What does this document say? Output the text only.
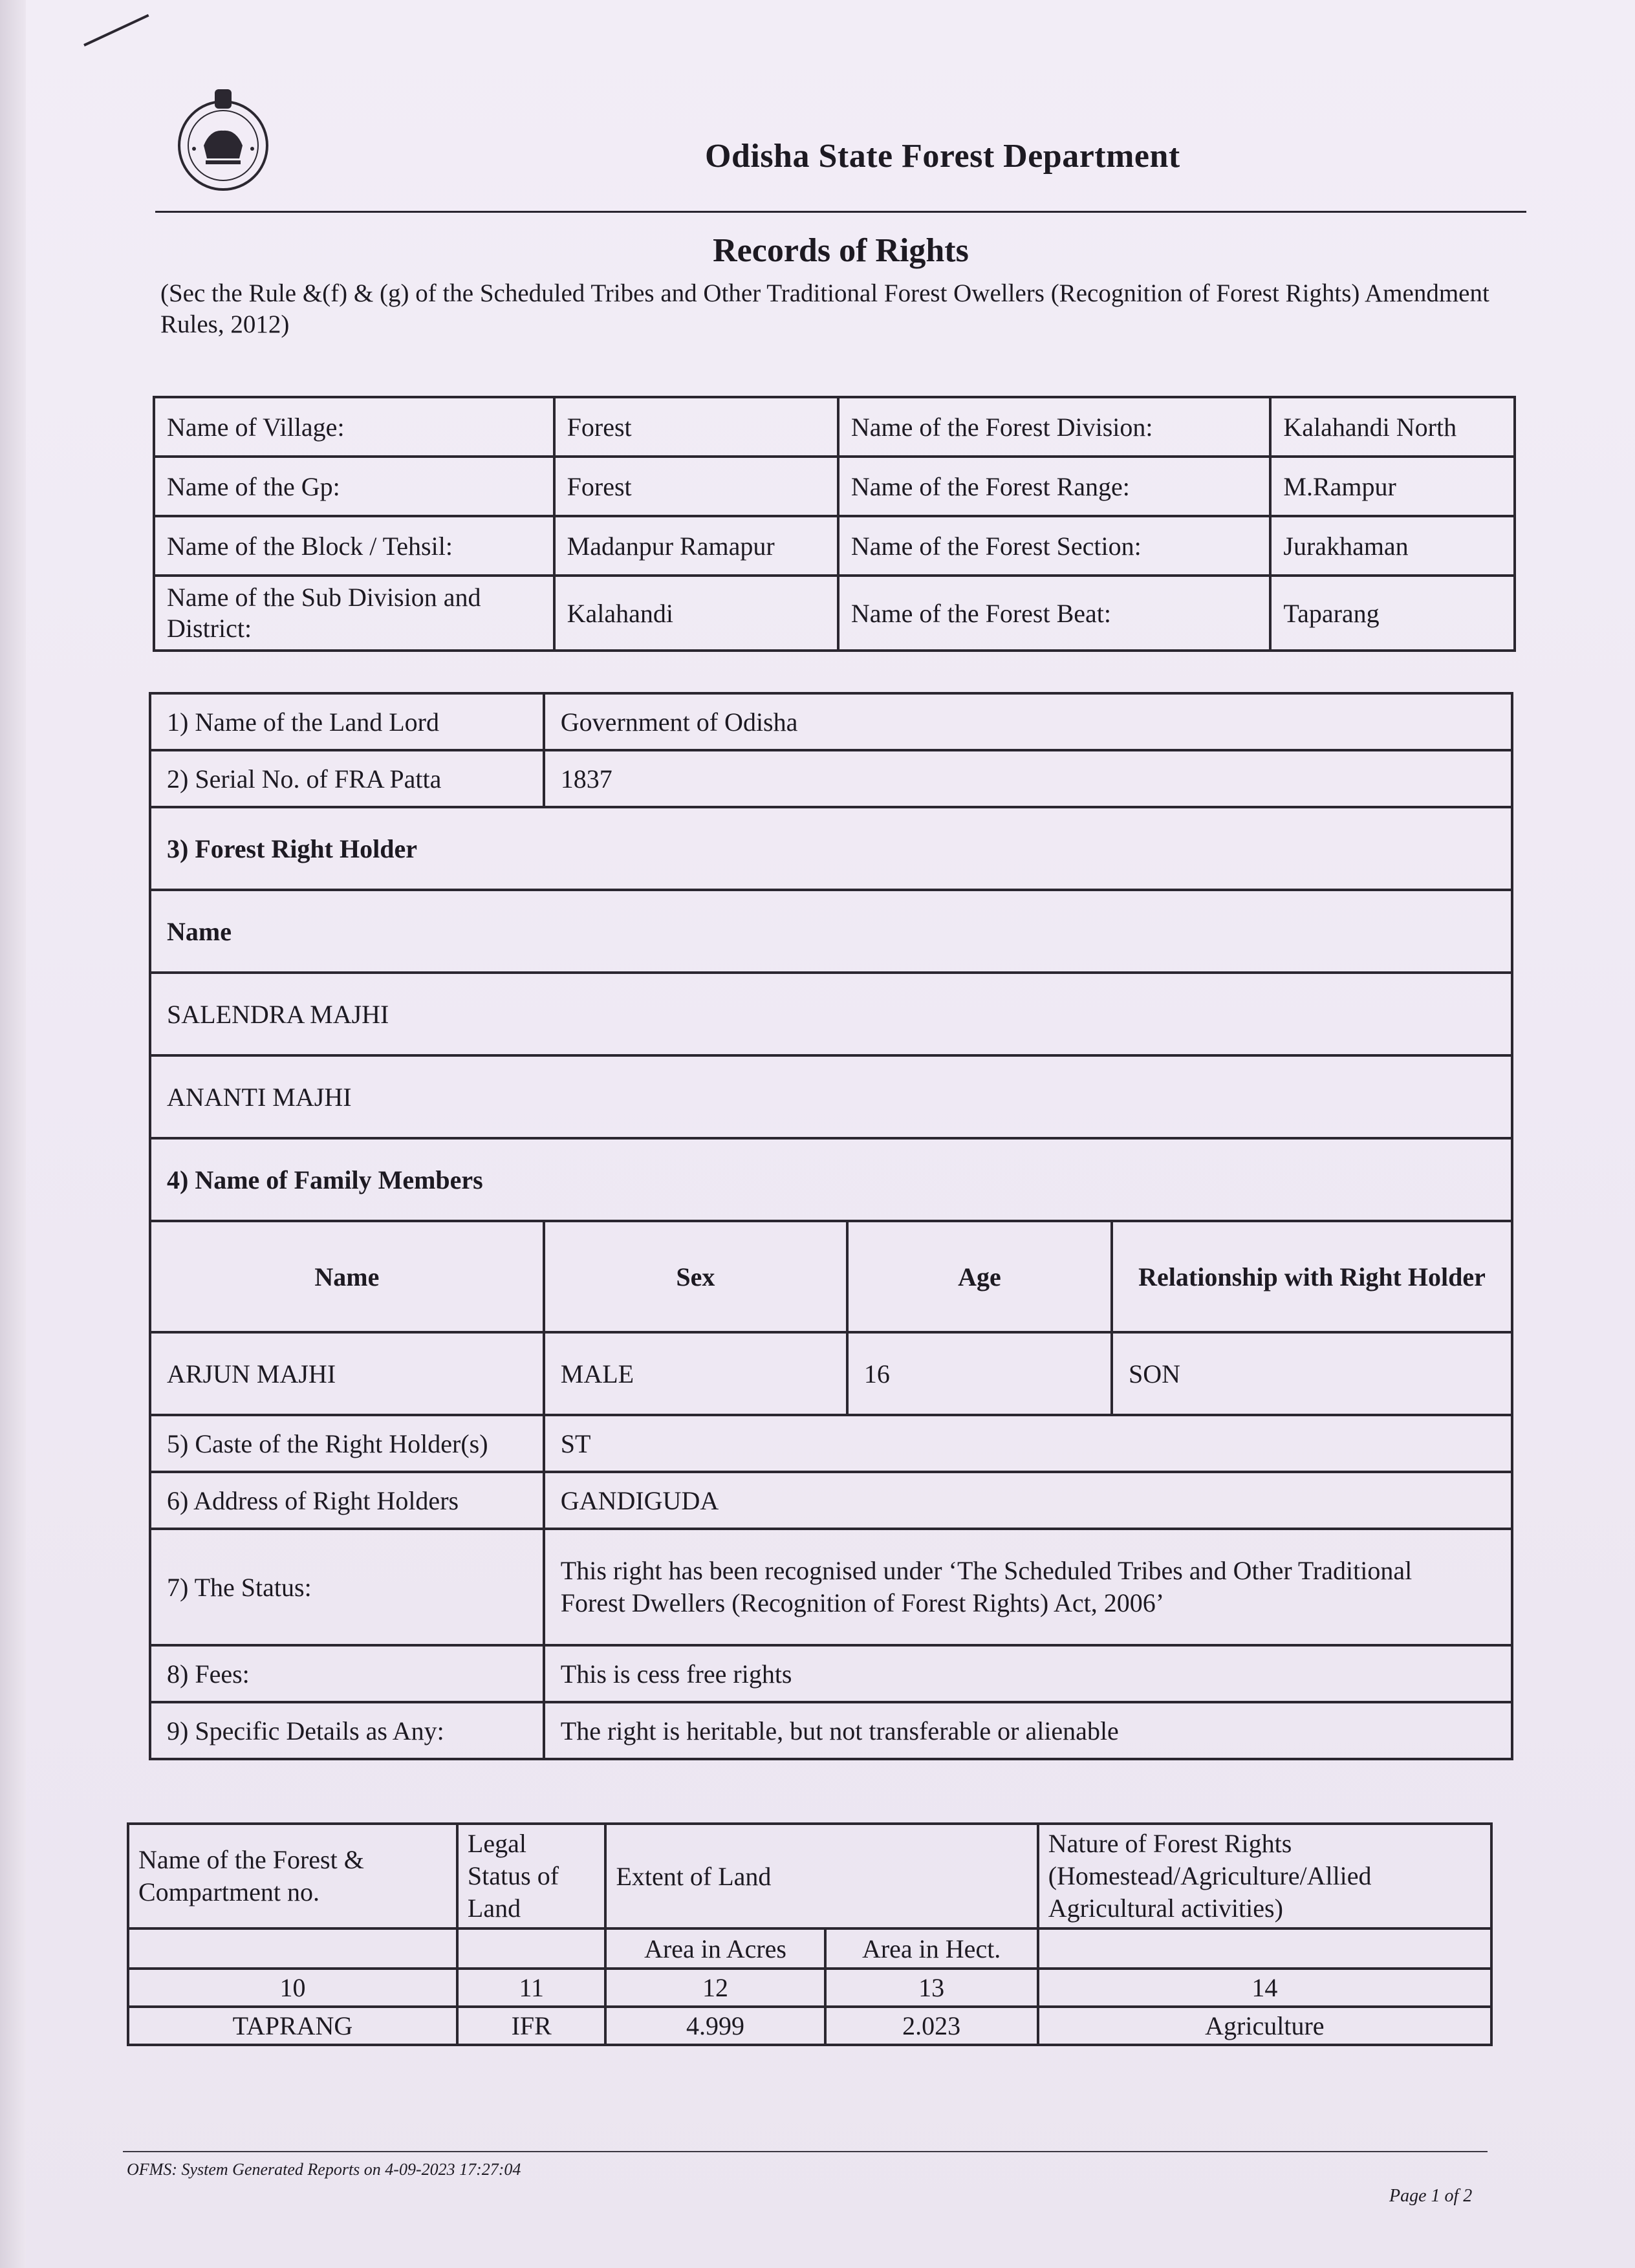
Odisha State Forest Department
Records of Rights
(Sec the Rule &(f) & (g) of the Scheduled Tribes and Other Traditional Forest Owellers (Recognition of Forest Rights) Amendment Rules, 2012)
Name of Village:	Forest	Name of the Forest Division:	Kalahandi North
Name of the Gp:	Forest	Name of the Forest Range:	M.Rampur
Name of the Block / Tehsil:	Madanpur Ramapur	Name of the Forest Section:	Jurakhaman
Name of the Sub Division and District:	Kalahandi	Name of the Forest Beat:	Taparang
1) Name of the Land Lord	Government of Odisha		
2) Serial No. of FRA Patta	1837		
3) Forest Right Holder			
Name			
SALENDRA MAJHI			
ANANTI MAJHI			
4) Name of Family Members			
Name	Sex	Age	Relationship with Right Holder
ARJUN MAJHI	MALE	16	SON
5) Caste of the Right Holder(s)	ST		
6) Address of Right Holders	GANDIGUDA		
7) The Status:	This right has been recognised under ‘The Scheduled Tribes and Other Traditional
Forest Dwellers (Recognition of Forest Rights) Act, 2006’		

8) Fees:	This is cess free rights		
9) Specific Details as Any:	The right is heritable, but not transferable or alienable		
Name of the Forest & Compartment no.	Legal Status of Land	Extent of Land		Nature of Forest Rights (Homestead/Agriculture/Allied Agricultural activities)
		Area in Acres	Area in Hect.	
10	11	12	13	14
TAPRANG	IFR	4.999	2.023	Agriculture
OFMS: System Generated Reports on 4-09-2023 17:27:04
Page 1 of 2
